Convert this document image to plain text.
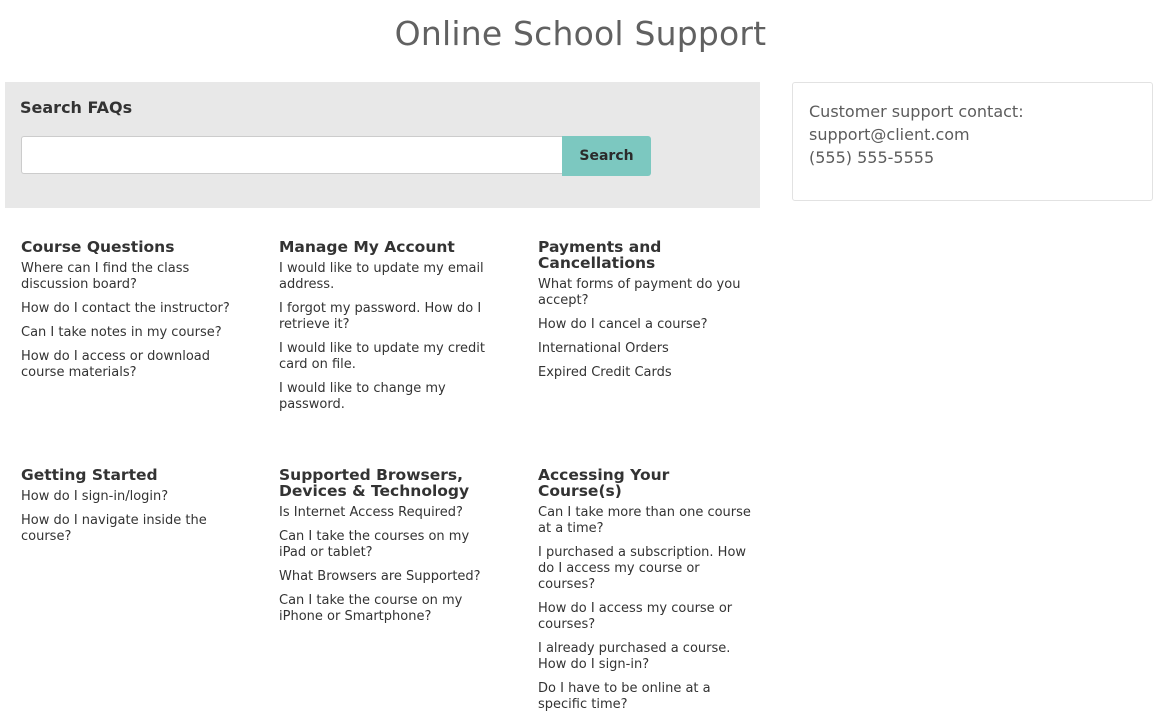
Online School Support
Search FAQs
Search
Customer support contact:
support@client.com
(555) 555-5555
Course Questions
Where can I find the class discussion board?
How do I contact the instructor?
Can I take notes in my course?
How do I access or download course materials?
Manage My Account
I would like to update my email address.
I forgot my password. How do I retrieve it?
I would like to update my credit card on file.
I would like to change my password.
Payments and Cancellations
What forms of payment do you accept?
How do I cancel a course?
International Orders
Expired Credit Cards
Getting Started
How do I sign-in/login?
How do I navigate inside the course?
Supported Browsers, Devices & Technology
Is Internet Access Required?
Can I take the courses on my iPad or tablet?
What Browsers are Supported?
Can I take the course on my iPhone or Smartphone?
Accessing Your Course(s)
Can I take more than one course at a time?
I purchased a subscription. How do I access my course or courses?
How do I access my course or courses?
I already purchased a course. How do I sign-in?
Do I have to be online at a specific time?
